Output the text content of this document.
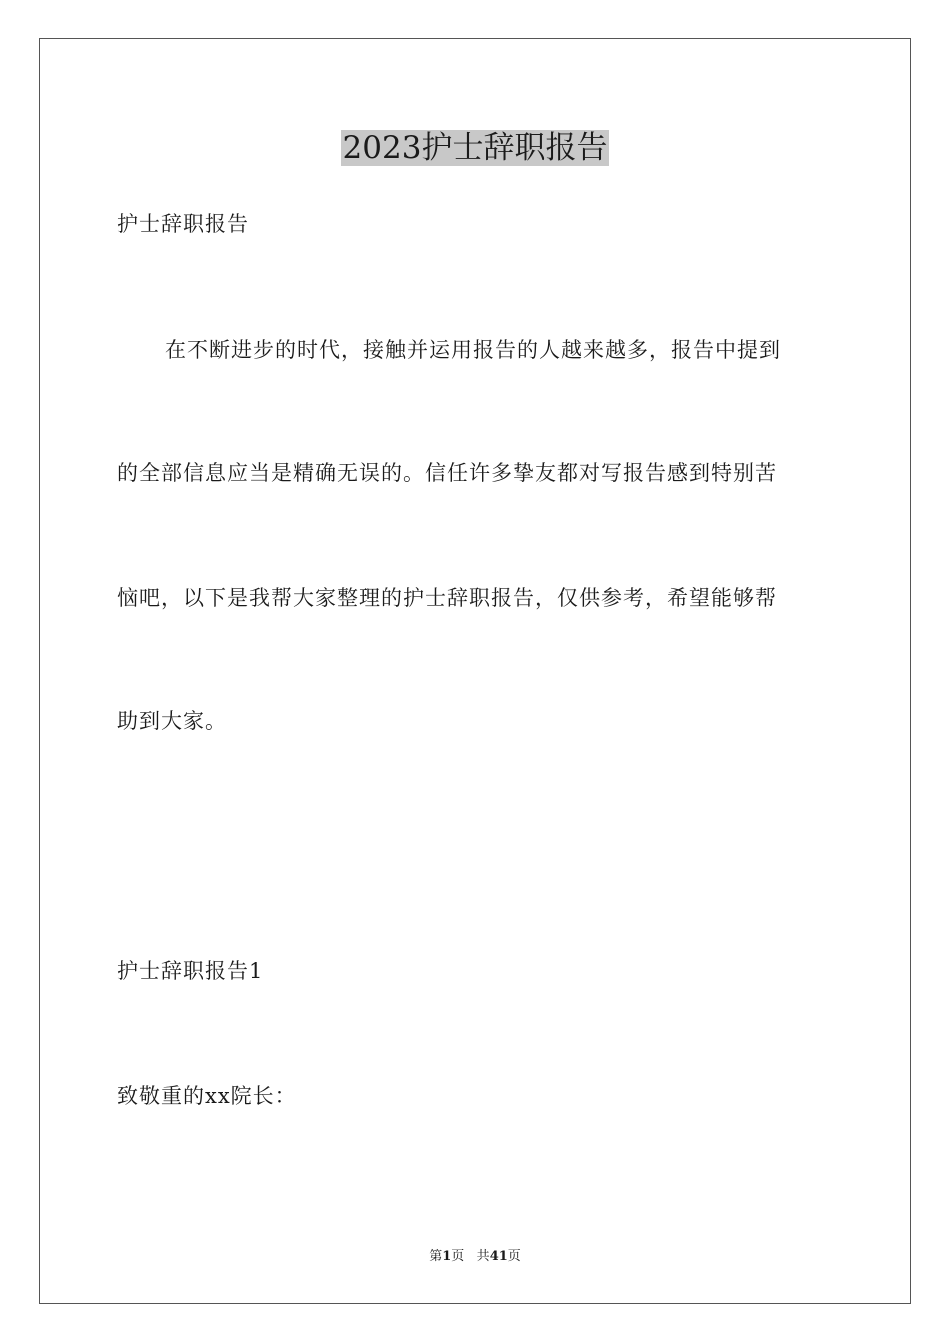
2023护士辞职报告

护士辞职报告

在不断进步的时代，接触并运用报告的人越来越多，报告中提到

的全部信息应当是精确无误的。信任许多挚友都对写报告感到特别苦

恼吧，以下是我帮大家整理的护士辞职报告，仅供参考，希望能够帮

助到大家。

护士辞职报告1

致敬重的xx院长：

第1页 共41页
